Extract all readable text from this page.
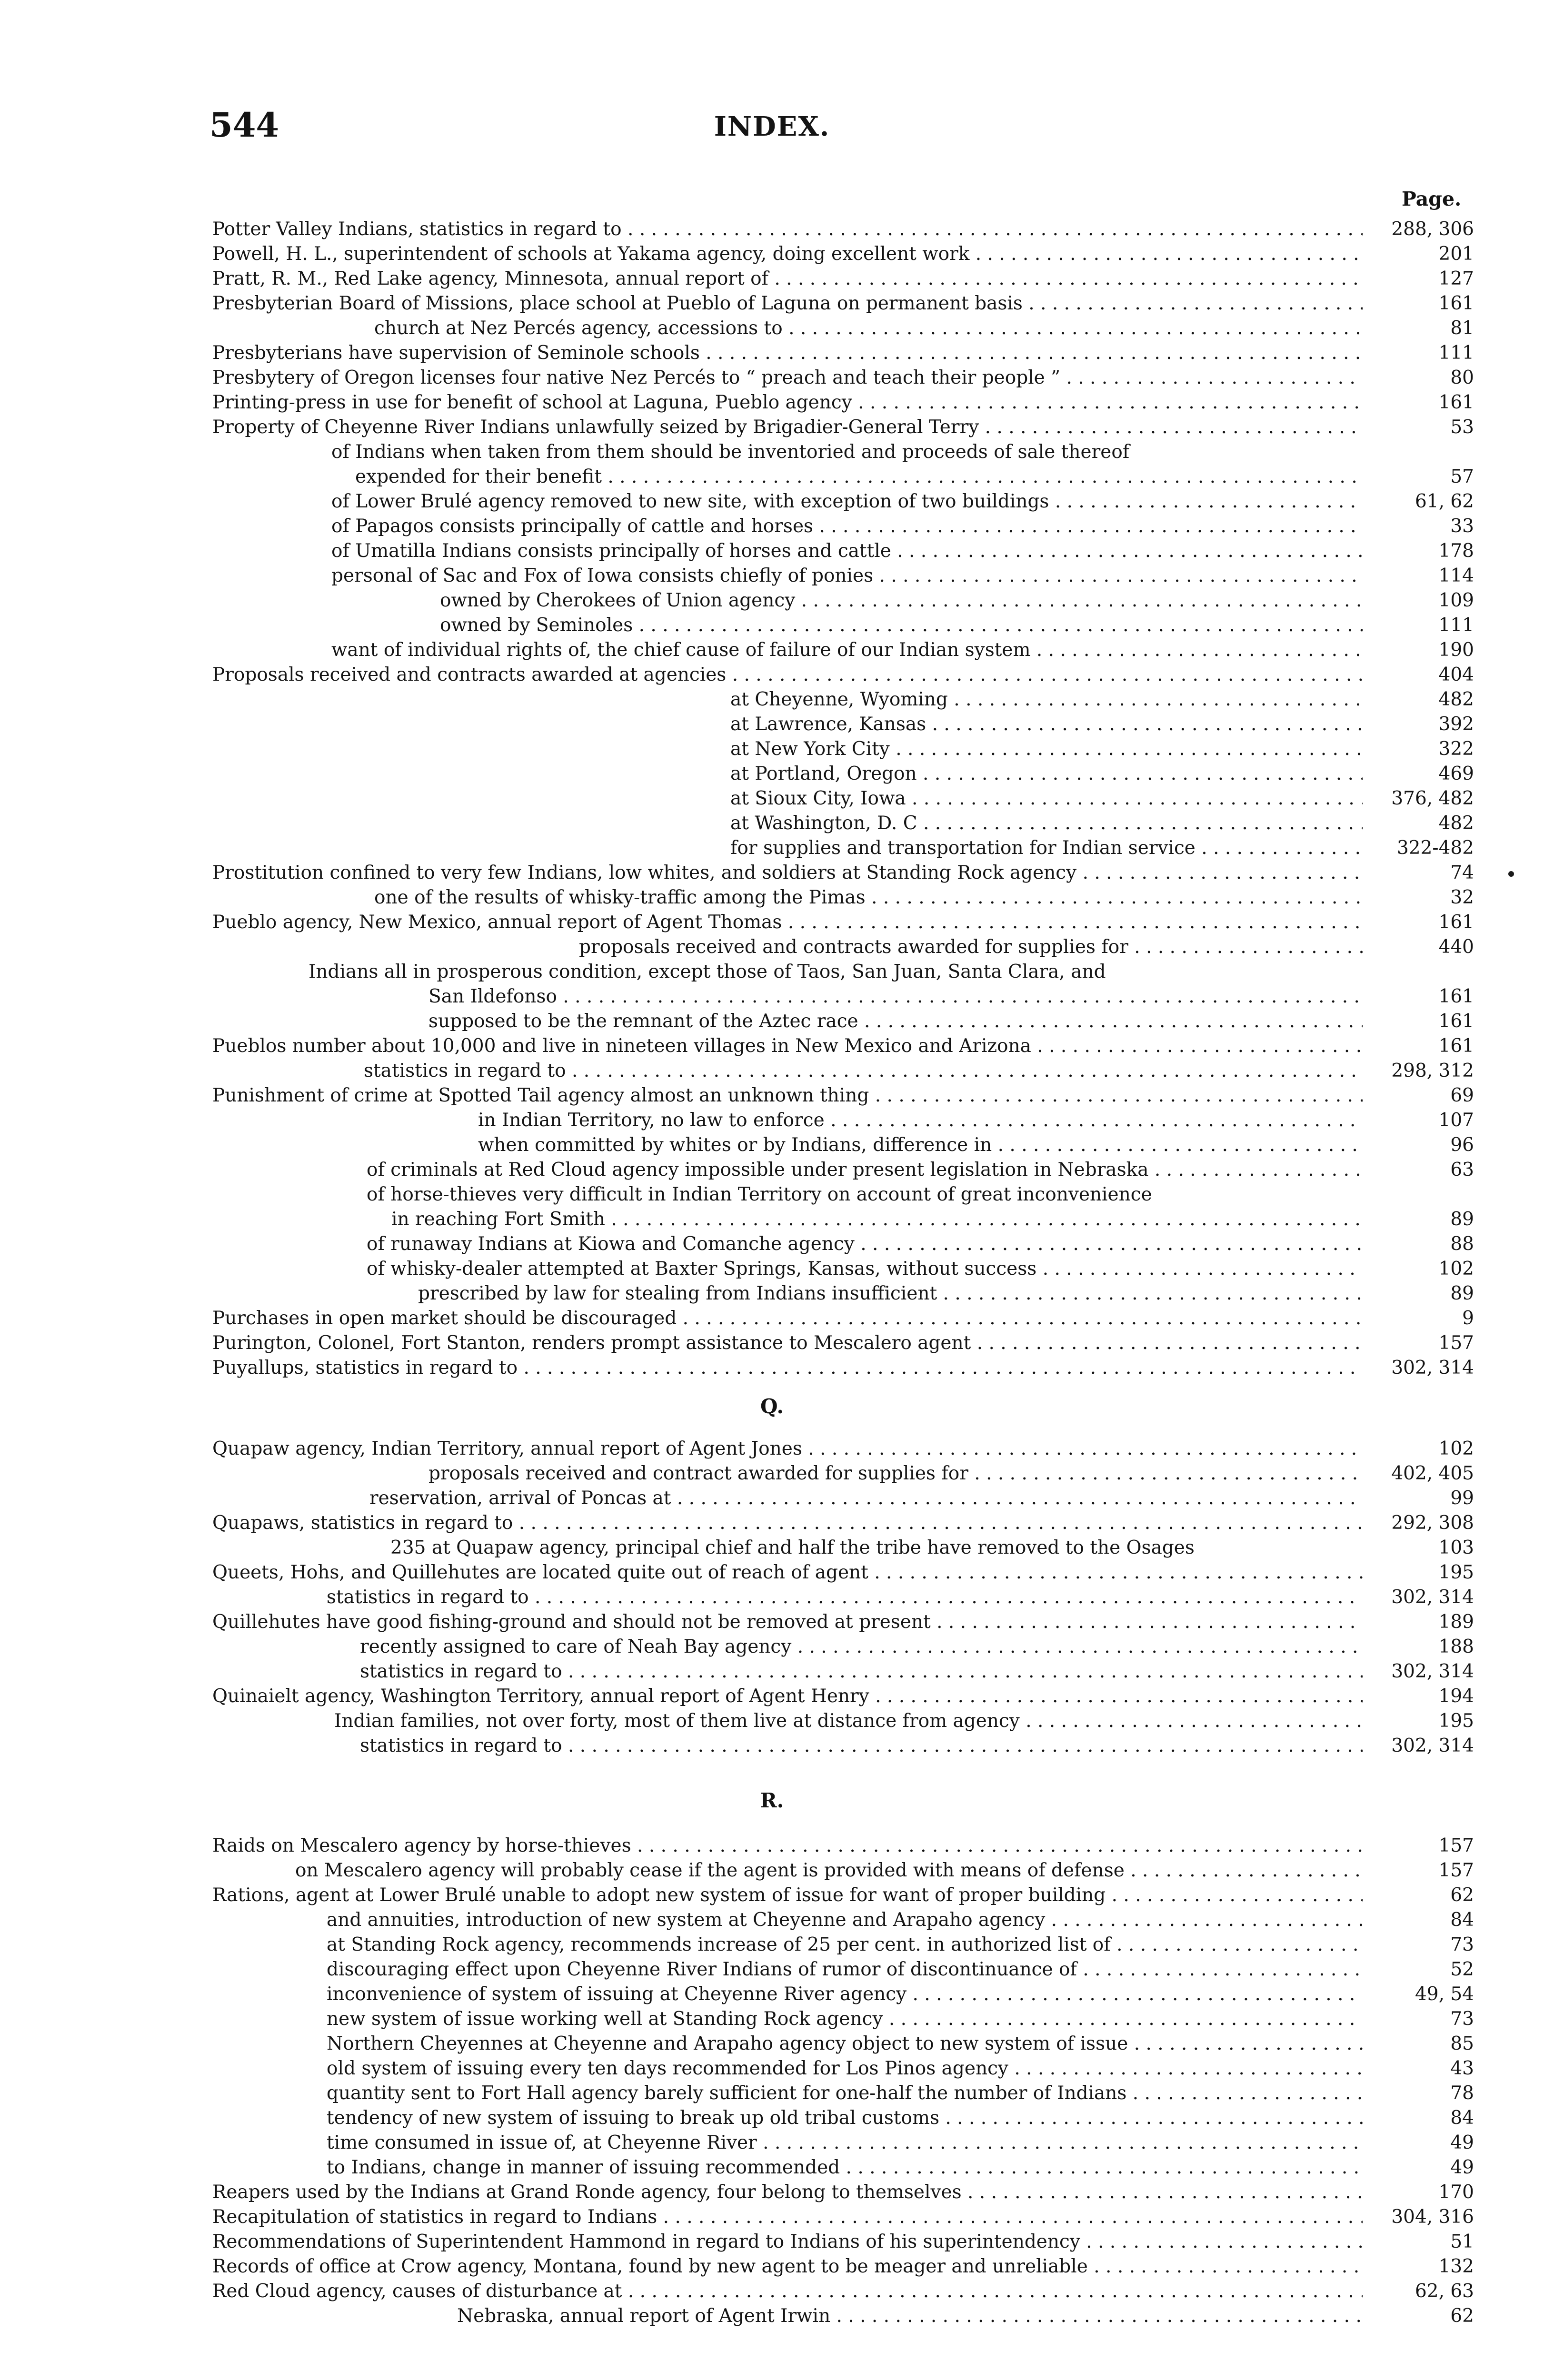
544	INDEX.
Page.
Potter Valley Indians, statistics in regard to . . .	288, 306
Powell, H. L., superintendent of schools at Yakama agency, doing excellent work . . .	201
Pratt, R. M., Red Lake agency, Minnesota, annual report of . . .	127
Presbyterian Board of Missions, place school at Pueblo of Laguna on permanent basis . . .	161
church at Nez Percés agency, accessions to . . .	81
Presbyterians have supervision of Seminole schools . . .	111
Presbytery of Oregon licenses four native Nez Percés to “ preach and teach their people ” . . .	80
Printing-press in use for benefit of school at Laguna, Pueblo agency . . .	161
Property of Cheyenne River Indians unlawfully seized by Brigadier-General Terry . . .	53
of Indians when taken from them should be inventoried and proceeds of sale thereof
expended for their benefit . . .	57
of Lower Brulé agency removed to new site, with exception of two buildings . . .	61, 62
of Papagos consists principally of cattle and horses . . .	33
of Umatilla Indians consists principally of horses and cattle . . .	178
personal of Sac and Fox of Iowa consists chiefly of ponies . . .	114
owned by Cherokees of Union agency . . .	109
owned by Seminoles . . .	111
want of individual rights of, the chief cause of failure of our Indian system . . .	190
Proposals received and contracts awarded at agencies . . .	404
at Cheyenne, Wyoming . . .	482
at Lawrence, Kansas . . .	392
at New York City . . .	322
at Portland, Oregon . . .	469
at Sioux City, Iowa . . .	376, 482
at Washington, D. C . . .	482
for supplies and transportation for Indian service . . .	322-482
Prostitution confined to very few Indians, low whites, and soldiers at Standing Rock agency . . .	74
one of the results of whisky-traffic among the Pimas . . .	32
Pueblo agency, New Mexico, annual report of Agent Thomas . . .	161
proposals received and contracts awarded for supplies for . . .	440
Indians all in prosperous condition, except those of Taos, San Juan, Santa Clara, and
San Ildefonso . . .	161
supposed to be the remnant of the Aztec race . . .	161
Pueblos number about 10,000 and live in nineteen villages in New Mexico and Arizona . . .	161
statistics in regard to . . .	298, 312
Punishment of crime at Spotted Tail agency almost an unknown thing . . .	69
in Indian Territory, no law to enforce . . .	107
when committed by whites or by Indians, difference in . . .	96
of criminals at Red Cloud agency impossible under present legislation in Nebraska . . .	63
of horse-thieves very difficult in Indian Territory on account of great inconvenience
in reaching Fort Smith . . .	89
of runaway Indians at Kiowa and Comanche agency . . .	88
of whisky-dealer attempted at Baxter Springs, Kansas, without success . . .	102
prescribed by law for stealing from Indians insufficient . . .	89
Purchases in open market should be discouraged . . .	9
Purington, Colonel, Fort Stanton, renders prompt assistance to Mescalero agent . . .	157
Puyallups, statistics in regard to . . .	302, 314
Q.
Quapaw agency, Indian Territory, annual report of Agent Jones . . .	102
proposals received and contract awarded for supplies for . . .	402, 405
reservation, arrival of Poncas at . . .	99
Quapaws, statistics in regard to . . .	292, 308
235 at Quapaw agency, principal chief and half the tribe have removed to the Osages	103
Queets, Hohs, and Quillehutes are located quite out of reach of agent . . .	195
statistics in regard to . . .	302, 314
Quillehutes have good fishing-ground and should not be removed at present . . .	189
recently assigned to care of Neah Bay agency . . .	188
statistics in regard to . . .	302, 314
Quinaielt agency, Washington Territory, annual report of Agent Henry . . .	194
Indian families, not over forty, most of them live at distance from agency . . .	195
statistics in regard to . . .	302, 314
R.
Raids on Mescalero agency by horse-thieves . . .	157
on Mescalero agency will probably cease if the agent is provided with means of defense . . .	157
Rations, agent at Lower Brulé unable to adopt new system of issue for want of proper building . . .	62
and annuities, introduction of new system at Cheyenne and Arapaho agency . . .	84
at Standing Rock agency, recommends increase of 25 per cent. in authorized list of . . .	73
discouraging effect upon Cheyenne River Indians of rumor of discontinuance of . . .	52
inconvenience of system of issuing at Cheyenne River agency . . .	49, 54
new system of issue working well at Standing Rock agency . . .	73
Northern Cheyennes at Cheyenne and Arapaho agency object to new system of issue . . .	85
old system of issuing every ten days recommended for Los Pinos agency . . .	43
quantity sent to Fort Hall agency barely sufficient for one-half the number of Indians . . .	78
tendency of new system of issuing to break up old tribal customs . . .	84
time consumed in issue of, at Cheyenne River . . .	49
to Indians, change in manner of issuing recommended . . .	49
Reapers used by the Indians at Grand Ronde agency, four belong to themselves . . .	170
Recapitulation of statistics in regard to Indians . . .	304, 316
Recommendations of Superintendent Hammond in regard to Indians of his superintendency . . .	51
Records of office at Crow agency, Montana, found by new agent to be meager and unreliable . . .	132
Red Cloud agency, causes of disturbance at . . .	62, 63
Nebraska, annual report of Agent Irwin . . .	62
